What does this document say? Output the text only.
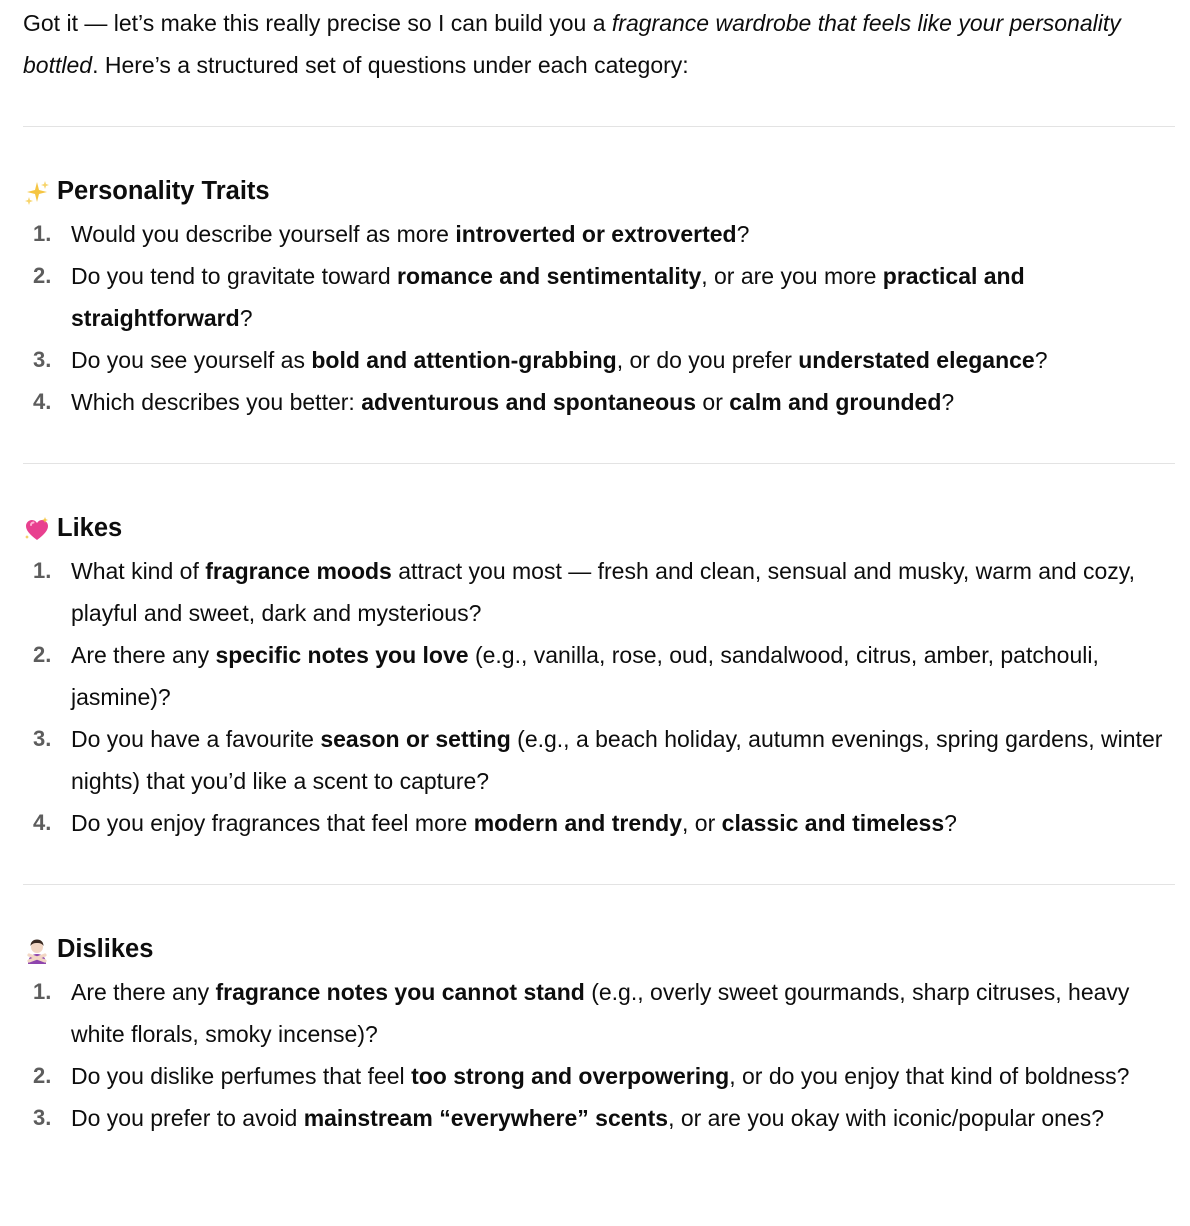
Got it — let’s make this really precise so I can build you a fragrance wardrobe that feels like your personality bottled. Here’s a structured set of questions under each category:

Personality Traits
1. Would you describe yourself as more introverted or extroverted?
2. Do you tend to gravitate toward romance and sentimentality, or are you more practical and straightforward?
3. Do you see yourself as bold and attention-grabbing, or do you prefer understated elegance?
4. Which describes you better: adventurous and spontaneous or calm and grounded?
Likes
1. What kind of fragrance moods attract you most — fresh and clean, sensual and musky, warm and cozy, playful and sweet, dark and mysterious?
2. Are there any specific notes you love (e.g., vanilla, rose, oud, sandalwood, citrus, amber, patchouli, jasmine)?
3. Do you have a favourite season or setting (e.g., a beach holiday, autumn evenings, spring gardens, winter nights) that you’d like a scent to capture?
4. Do you enjoy fragrances that feel more modern and trendy, or classic and timeless?
Dislikes
1. Are there any fragrance notes you cannot stand (e.g., overly sweet gourmands, sharp citruses, heavy white florals, smoky incense)?
2. Do you dislike perfumes that feel too strong and overpowering, or do you enjoy that kind of boldness?
3. Do you prefer to avoid mainstream “everywhere” scents, or are you okay with iconic/popular ones?
